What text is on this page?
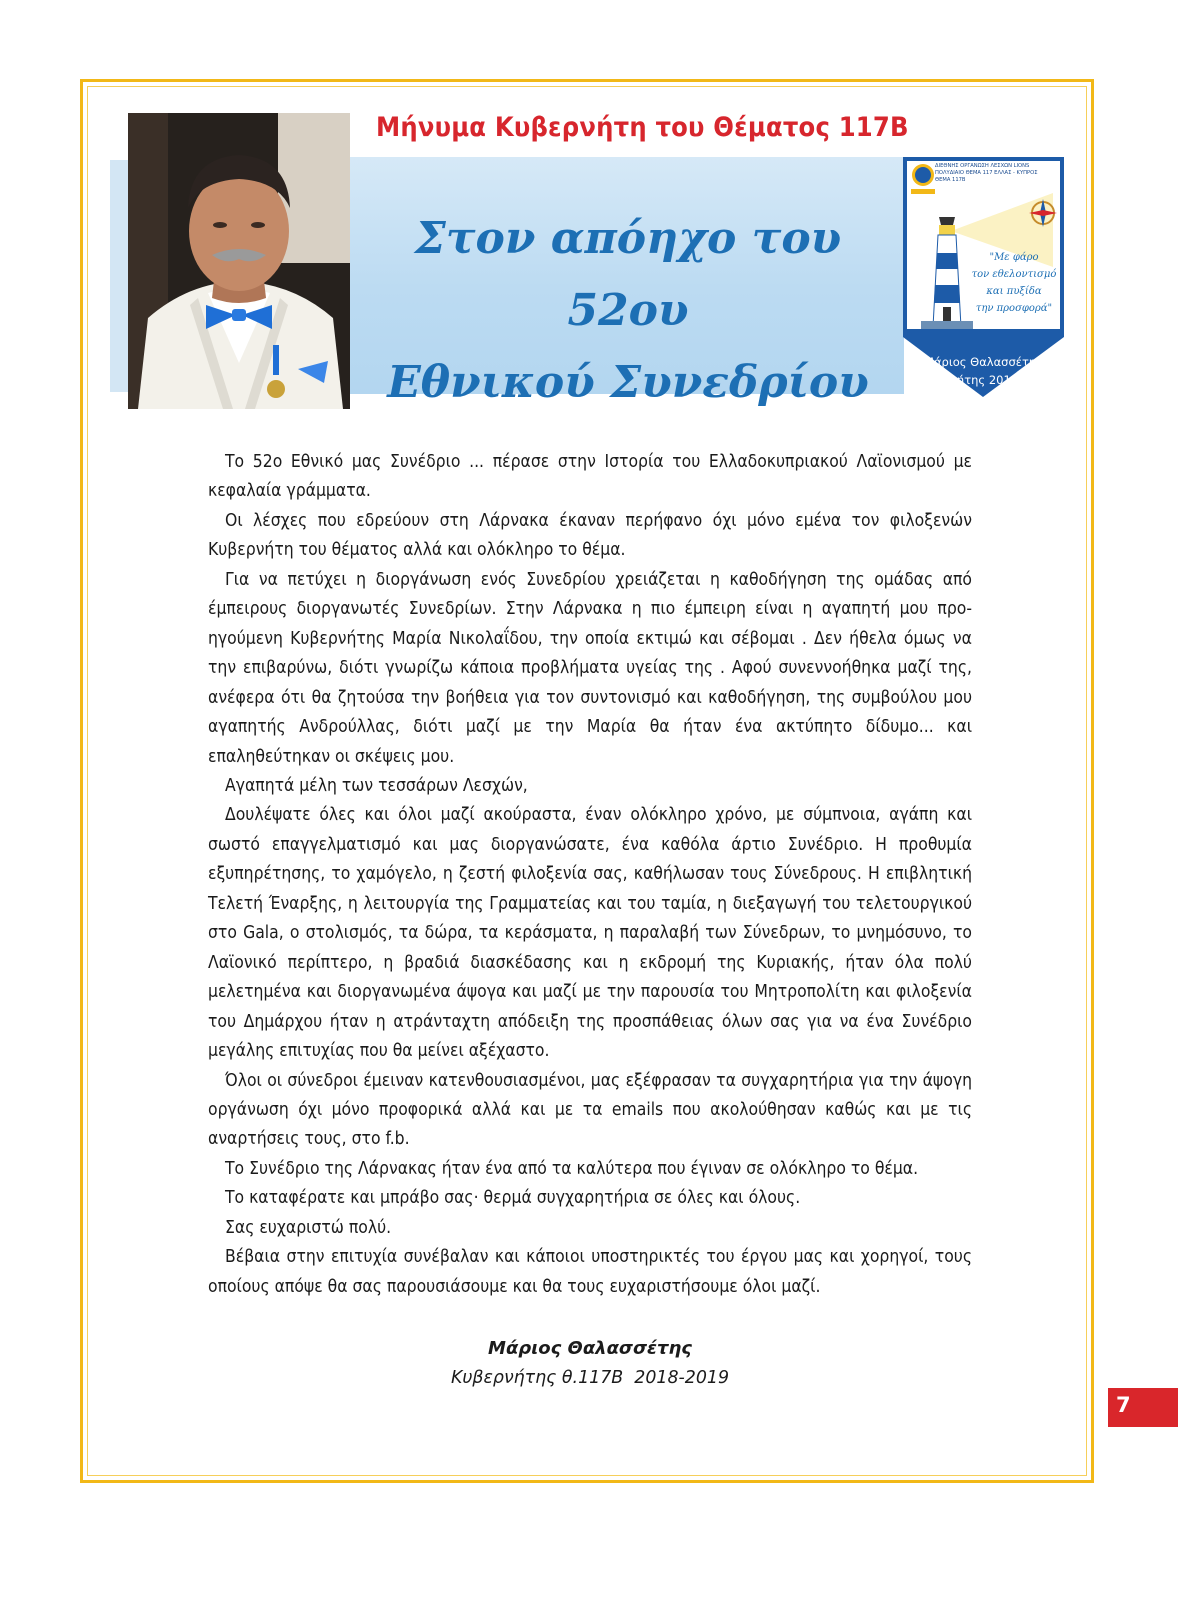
Μήνυμα Κυβερνήτη του Θέματος 117Β
Στον απόηχο του 52ου
Εθνικού Συνεδρίου
ΔΙΕΘΝΗΣ ΟΡΓΑΝΩΣΗ ΛΕΣΧΩΝ LIONS
ΠΟΛΥΔΙΑΙΟ ΘΕΜΑ 117 ΕΛΛΑΣ - ΚΥΠΡΟΣ
ΘΕΜΑ 117Β
"Με φάρο
τον εθελοντισμό
και πυξίδα
την προσφορά"
Μάριος Θαλασσέτης
Κυβερνήτης 2018-2019

Το 52ο Εθνικό μας Συνέδριο ... πέρασε στην Ιστορία του Ελλαδοκυπριακού Λαϊονισμού με κεφαλαία γράμματα.

Οι λέσχες που εδρεύουν στη Λάρνακα έκαναν περήφανο όχι μόνο εμένα τον φιλοξενών Κυβερνήτη του θέματος αλλά και ολόκληρο το θέμα.

Για να πετύχει η διοργάνωση ενός Συνεδρίου χρειάζεται η καθοδήγηση της ομάδας από έμπειρους διοργανωτές Συνεδρίων. Στην Λάρνακα η πιο έμπειρη είναι η αγαπητή μου προηγούμενη Κυβερνήτης Μαρία Νικολαΐδου, την οποία εκτιμώ και σέβομαι . Δεν ήθελα όμως να την επιβαρύνω, διότι γνωρίζω κάποια προβλήματα υγείας της . Αφού συνεννοήθηκα μαζί της, ανέφερα ότι θα ζητούσα την βοήθεια για τον συντονισμό και καθοδήγηση, της συμβούλου μου αγαπητής Ανδρούλλας, διότι μαζί με την Μαρία θα ήταν ένα ακτύπητο δίδυμο... και επαληθεύτηκαν οι σκέψεις μου.

Αγαπητά μέλη των τεσσάρων Λεσχών,

Δουλέψατε όλες και όλοι μαζί ακούραστα, έναν ολόκληρο χρόνο, με σύμπνοια, αγάπη και σωστό επαγγελματισμό και μας διοργανώσατε, ένα καθόλα άρτιο Συνέδριο. Η προθυμία εξυπηρέτησης, το χαμόγελο, η ζεστή φιλοξενία σας, καθήλωσαν τους Σύνεδρους. Η επιβλητική Τελετή Έναρξης, η λειτουργία της Γραμματείας και του ταμία, η διεξαγωγή του τελετουργικού στο Gala, ο στολισμός, τα δώρα, τα κεράσματα, η παραλαβή των Σύνεδρων, το μνημόσυνο, το Λαϊονικό περίπτερο, η βραδιά διασκέδασης και η εκδρομή της Κυριακής, ήταν όλα πολύ μελετημένα και διοργανωμένα άψογα και μαζί με την παρουσία του Μητροπολίτη και φιλοξενία του Δημάρχου ήταν η ατράνταχτη απόδειξη της προσπάθειας όλων σας για να ένα Συνέδριο μεγάλης επιτυχίας που θα μείνει αξέχαστο.

Όλοι οι σύνεδροι έμειναν κατενθουσιασμένοι, μας εξέφρασαν τα συγχαρητήρια για την άψογη οργάνωση όχι μόνο προφορικά αλλά και με τα emails που ακολούθησαν καθώς και με τις αναρτήσεις τους, στο f.b.

Το Συνέδριο της Λάρνακας ήταν ένα από τα καλύτερα που έγιναν σε ολόκληρο το θέμα.

Το καταφέρατε και μπράβο σας· θερμά συγχαρητήρια σε όλες και όλους.

Σας ευχαριστώ πολύ.

Βέβαια στην επιτυχία συνέβαλαν και κάποιοι υποστηρικτές του έργου μας και χορηγοί, τους οποίους απόψε θα σας παρουσιάσουμε και θα τους ευχαριστήσουμε όλοι μαζί.

Μάριος Θαλασσέτης
Κυβερνήτης θ.117Β  2018-2019
7
